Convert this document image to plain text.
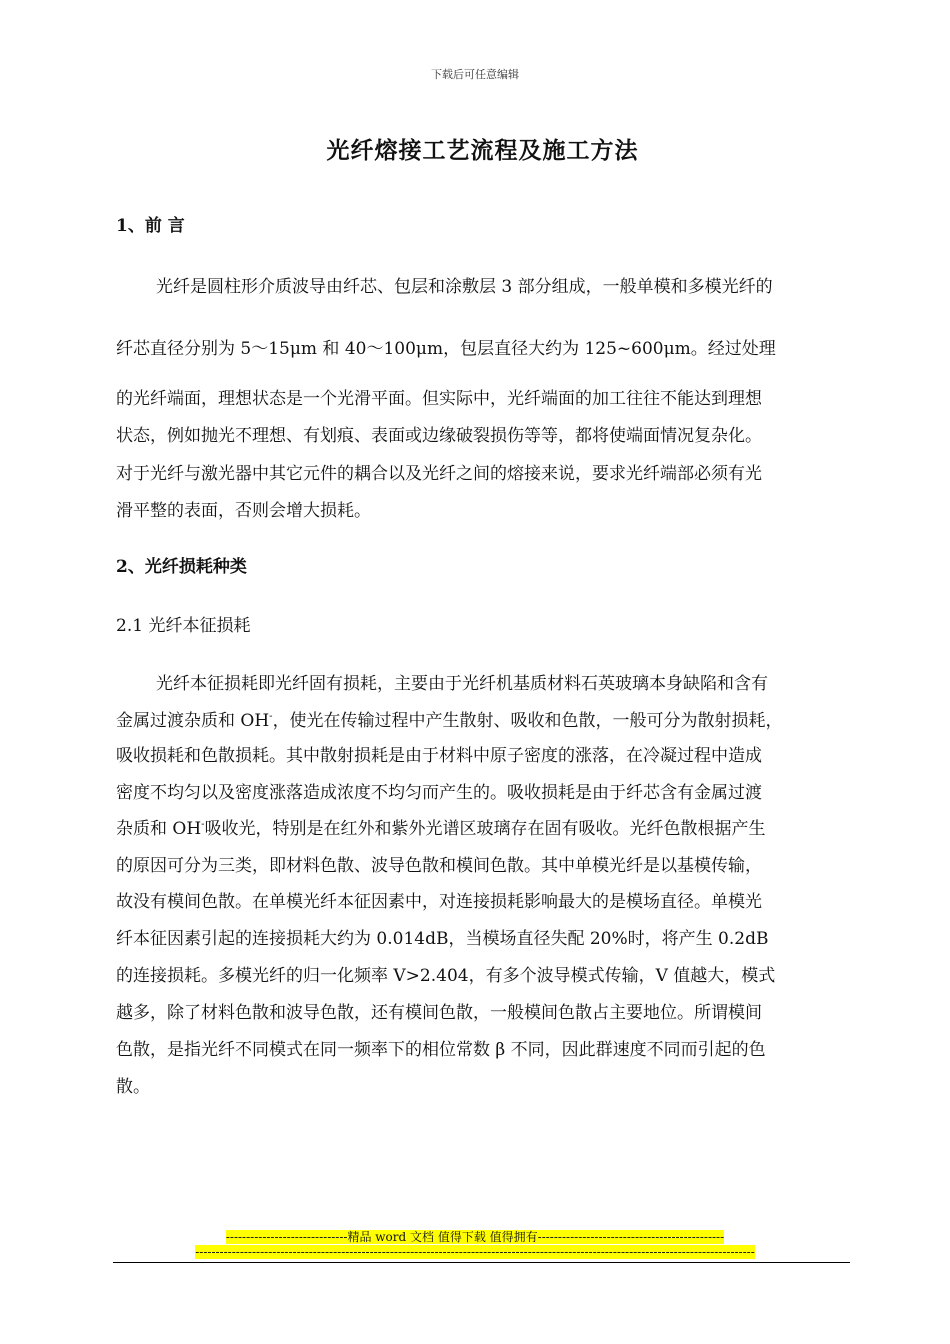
下载后可任意编辑
光纤熔接工艺流程及施工方法
1、前 言
光纤是圆柱形介质波导由纤芯、包层和涂敷层 3 部分组成，一般单模和多模光纤的
纤芯直径分别为 5～15μm 和 40～100μm，包层直径大约为 125~600μm。经过处理
的光纤端面，理想状态是一个光滑平面。但实际中，光纤端面的加工往往不能达到理想
状态，例如抛光不理想、有划痕、表面或边缘破裂损伤等等，都将使端面情况复杂化。
对于光纤与激光器中其它元件的耦合以及光纤之间的熔接来说，要求光纤端部必须有光
滑平整的表面，否则会增大损耗。
2、光纤损耗种类
2.1 光纤本征损耗
光纤本征损耗即光纤固有损耗，主要由于光纤机基质材料石英玻璃本身缺陷和含有
金属过渡杂质和 OH-，使光在传输过程中产生散射、吸收和色散，一般可分为散射损耗，
吸收损耗和色散损耗。其中散射损耗是由于材料中原子密度的涨落，在冷凝过程中造成
密度不均匀以及密度涨落造成浓度不均匀而产生的。吸收损耗是由于纤芯含有金属过渡
杂质和 OH-吸收光，特别是在红外和紫外光谱区玻璃存在固有吸收。光纤色散根据产生
的原因可分为三类，即材料色散、波导色散和模间色散。其中单模光纤是以基模传输，
故没有模间色散。在单模光纤本征因素中，对连接损耗影响最大的是模场直径。单模光
纤本征因素引起的连接损耗大约为 0.014dB，当模场直径失配 20%时，将产生 0.2dB
的连接损耗。多模光纤的归一化频率 V>2.404，有多个波导模式传输，V 值越大，模式
越多，除了材料色散和波导色散，还有模间色散，一般模间色散占主要地位。所谓模间
色散，是指光纤不同模式在同一频率下的相位常数 β 不同，因此群速度不同而引起的色
散。
------------------------------精品 word 文档 值得下载 值得拥有----------------------------------------------
------------------------------------------------------------------------------------------------------------------------------------------
